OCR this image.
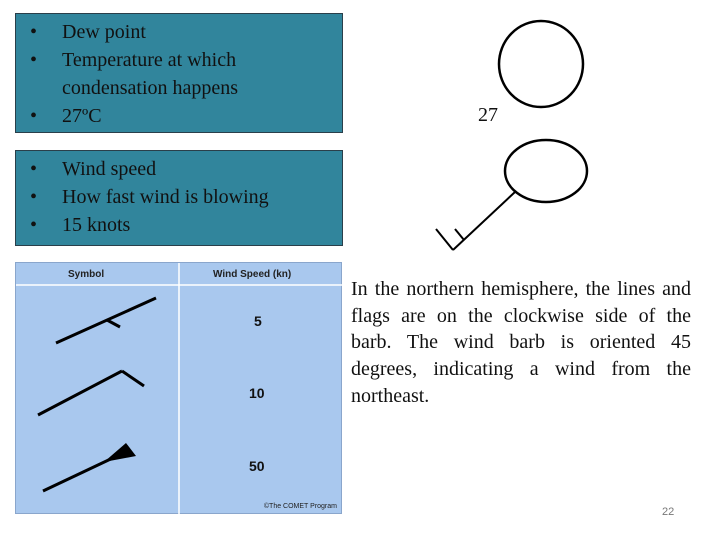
• Dew point
• Temperature at which condensation happens
• 27ºC
• Wind speed
• How fast wind is blowing
• 15 knots
27
Symbol	Wind Speed (kn)
5
10
50
©The COMET Program

In the northern hemisphere, the lines and flags are on the clockwise side of the barb. The wind barb is oriented 45 degrees, indicating a wind from the northeast.

22
